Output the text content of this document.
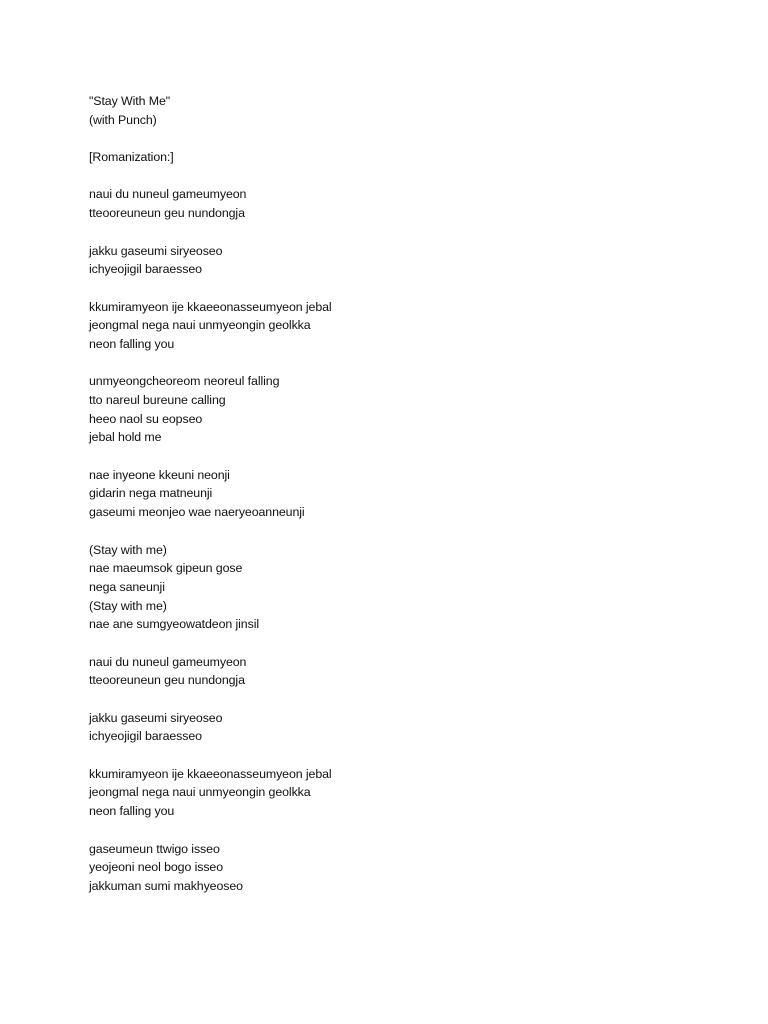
"Stay With Me"
(with Punch)
[Romanization:]
naui du nuneul gameumyeon
tteooreuneun geu nundongja
jakku gaseumi siryeoseo
ichyeojigil baraesseo
kkumiramyeon ije kkaeeonasseumyeon jebal
jeongmal nega naui unmyeongin geolkka
neon falling you
unmyeongcheoreom neoreul falling
tto nareul bureune calling
heeo naol su eopseo
jebal hold me
nae inyeone kkeuni neonji
gidarin nega matneunji
gaseumi meonjeo wae naeryeoanneunji
(Stay with me)
nae maeumsok gipeun gose
nega saneunji
(Stay with me)
nae ane sumgyeowatdeon jinsil
naui du nuneul gameumyeon
tteooreuneun geu nundongja
jakku gaseumi siryeoseo
ichyeojigil baraesseo
kkumiramyeon ije kkaeeonasseumyeon jebal
jeongmal nega naui unmyeongin geolkka
neon falling you
gaseumeun ttwigo isseo
yeojeoni neol bogo isseo
jakkuman sumi makhyeoseo
